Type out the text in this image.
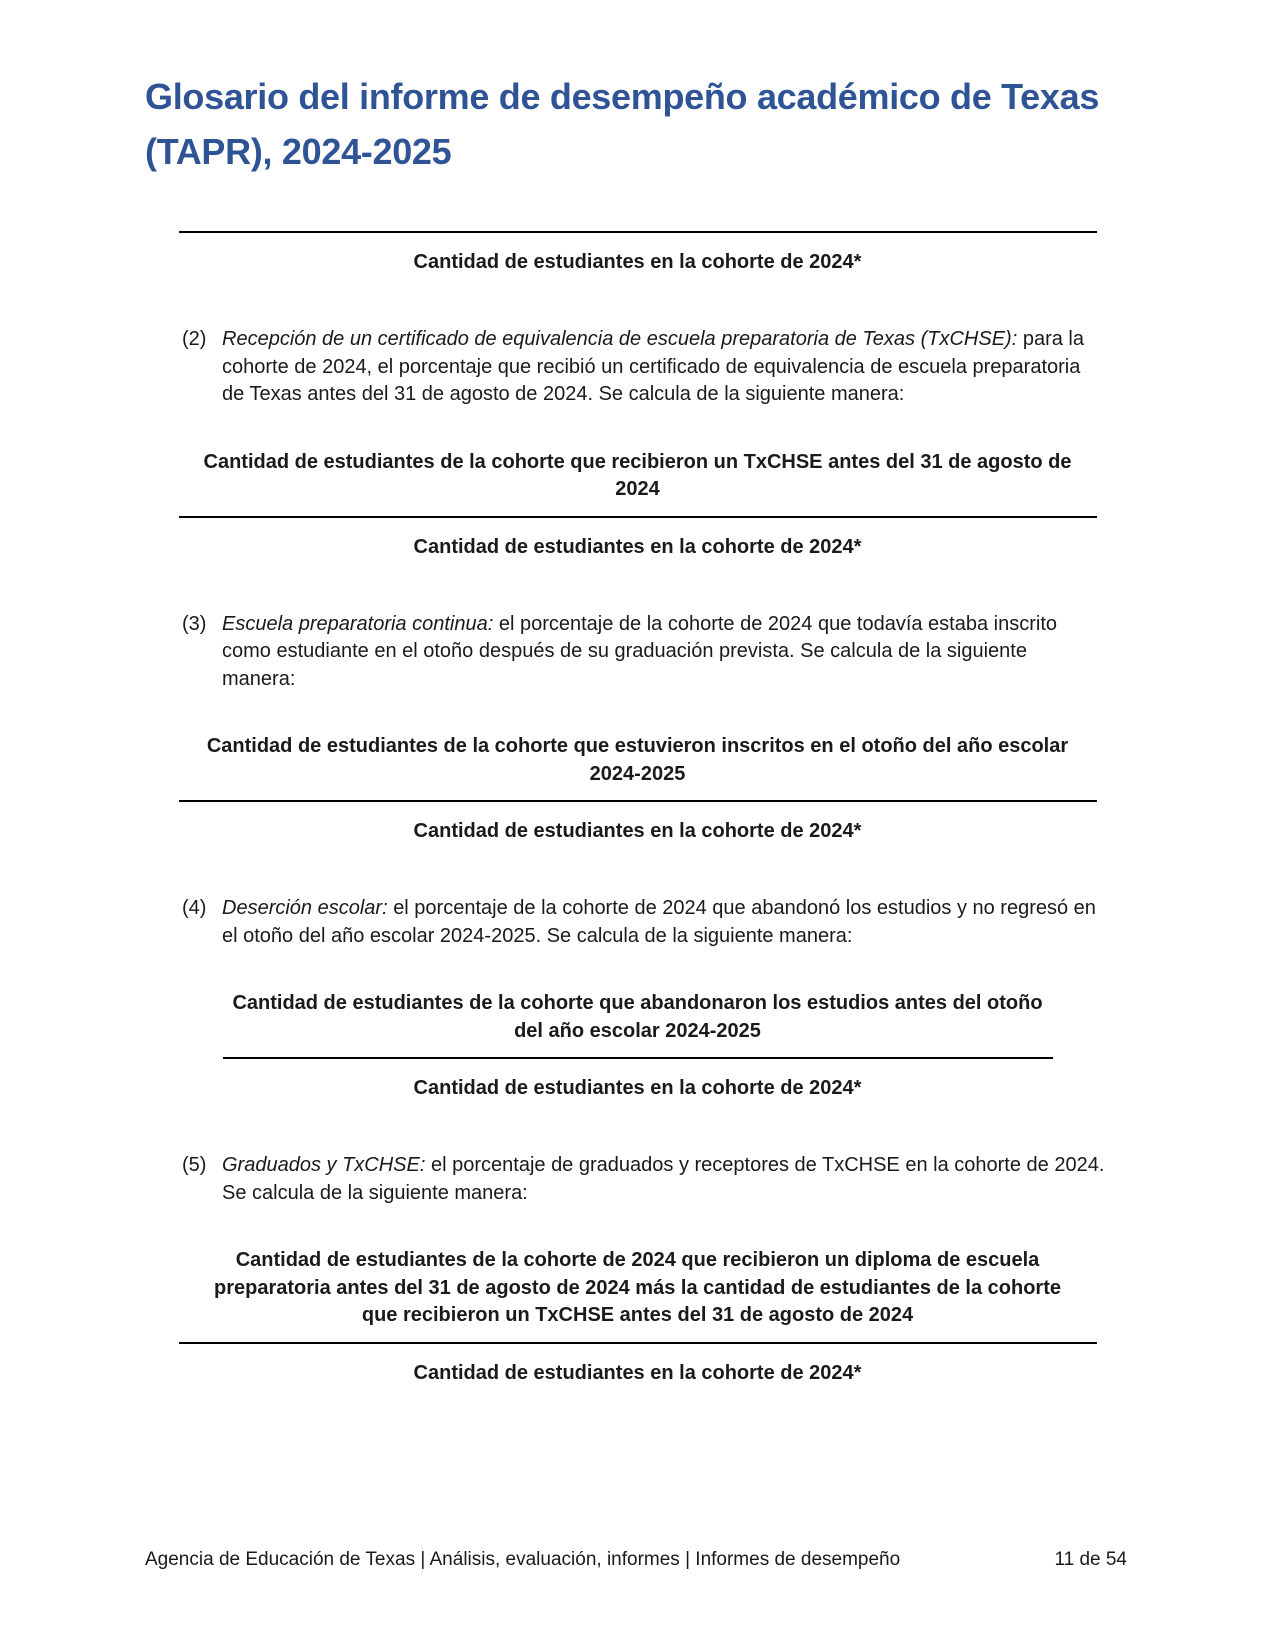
Glosario del informe de desempeño académico de Texas (TAPR), 2024-2025
Cantidad de estudiantes en la cohorte de 2024*
(2) Recepción de un certificado de equivalencia de escuela preparatoria de Texas (TxCHSE): para la cohorte de 2024, el porcentaje que recibió un certificado de equivalencia de escuela preparatoria de Texas antes del 31 de agosto de 2024. Se calcula de la siguiente manera:

Cantidad de estudiantes de la cohorte que recibieron un TxCHSE antes del 31 de agosto de 2024
Cantidad de estudiantes en la cohorte de 2024*
(3) Escuela preparatoria continua: el porcentaje de la cohorte de 2024 que todavía estaba inscrito como estudiante en el otoño después de su graduación prevista. Se calcula de la siguiente manera:

Cantidad de estudiantes de la cohorte que estuvieron inscritos en el otoño del año escolar 2024-2025
Cantidad de estudiantes en la cohorte de 2024*
(4) Deserción escolar: el porcentaje de la cohorte de 2024 que abandonó los estudios y no regresó en el otoño del año escolar 2024-2025. Se calcula de la siguiente manera:

Cantidad de estudiantes de la cohorte que abandonaron los estudios antes del otoño del año escolar 2024-2025
Cantidad de estudiantes en la cohorte de 2024*
(5) Graduados y TxCHSE: el porcentaje de graduados y receptores de TxCHSE en la cohorte de 2024. Se calcula de la siguiente manera:

Cantidad de estudiantes de la cohorte de 2024 que recibieron un diploma de escuela preparatoria antes del 31 de agosto de 2024 más la cantidad de estudiantes de la cohorte que recibieron un TxCHSE antes del 31 de agosto de 2024
Cantidad de estudiantes en la cohorte de 2024*
Agencia de Educación de Texas | Análisis, evaluación, informes | Informes de desempeño	11 de 54
